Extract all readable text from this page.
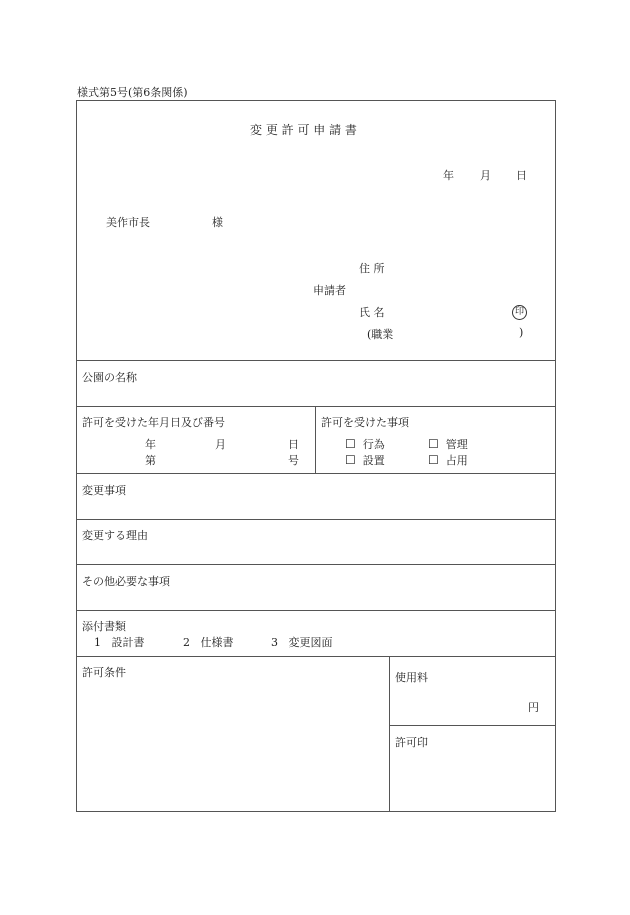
様式第5号(第6条関係)
変 更 許 可 申 請 書
年 月 日
美作市長	様
住 所
申請者
氏 名	印
(職業	)
公園の名称
許可を受けた年月日及び番号
年	月	日
第	号
許可を受けた事項
☐ 行為	☐ 管理
☐ 設置	☐ 占用
変更事項
変更する理由
その他必要な事項
添付書類
1 設計書	2 仕様書	3 変更図面
許可条件	使用料
円
許可印
